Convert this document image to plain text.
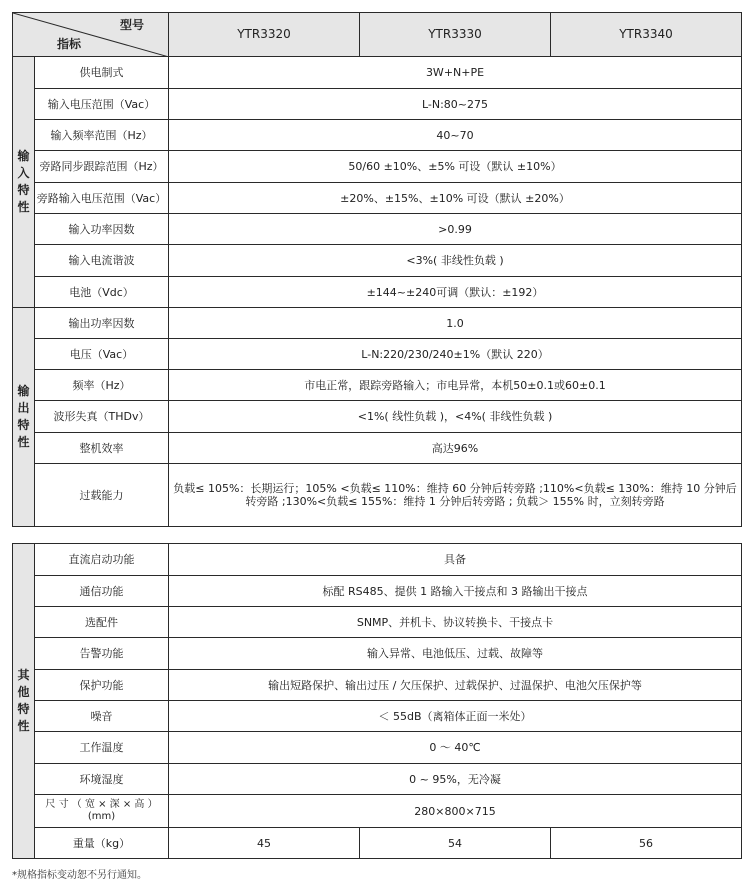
型号
指标		YTR3320	YTR3330	YTR3340
输入特性	供电制式	3W+N+PE		
	输入电压范围（Vac）	L-N:80~275		
	输入频率范围（Hz）	40~70		
	旁路同步跟踪范围（Hz）	50/60 ±10%、±5% 可设（默认 ±10%）		
	旁路输入电压范围（Vac）	±20%、±15%、±10% 可设（默认 ±20%）		
	输入功率因数	>0.99		
	输入电流谐波	<3%( 非线性负载 )		
	电池（Vdc）	±144~±240可调（默认：±192）		
输出特性	输出功率因数	1.0		
	电压（Vac）	L-N:220/230/240±1%（默认 220）		
	频率（Hz）	市电正常，跟踪旁路输入；市电异常，本机50±0.1或60±0.1		
	波形失真（THDv）	<1%( 线性负载 )，<4%( 非线性负载 )		
	整机效率	高达96%		
	过载能力	负载≤ 105%：长期运行；105% <负载≤ 110%：维持 60 分钟后转旁路 ;110%<负载≤ 130%：维持 10 分钟后转旁路 ;130%<负载≤ 155%：维持 1 分钟后转旁路 ; 负载＞ 155% 时，立刻转旁路		
其他特性	直流启动功能	具备		
	通信功能	标配 RS485、提供 1 路输入干接点和 3 路输出干接点		
	选配件	SNMP、并机卡、协议转换卡、干接点卡		
	告警功能	输入异常、电池低压、过载、故障等		
	保护功能	输出短路保护、输出过压 / 欠压保护、过载保护、过温保护、电池欠压保护等		
	噪音	＜ 55dB（离箱体正面一米处）		
	工作温度	0 ～ 40℃		
	环境湿度	0 ~ 95%，无冷凝		
	尺 寸 （ 宽 × 深 × 高 ）(mm)	280×800×715		
	重量（kg）	45	54	56
*规格指标变动恕不另行通知。
